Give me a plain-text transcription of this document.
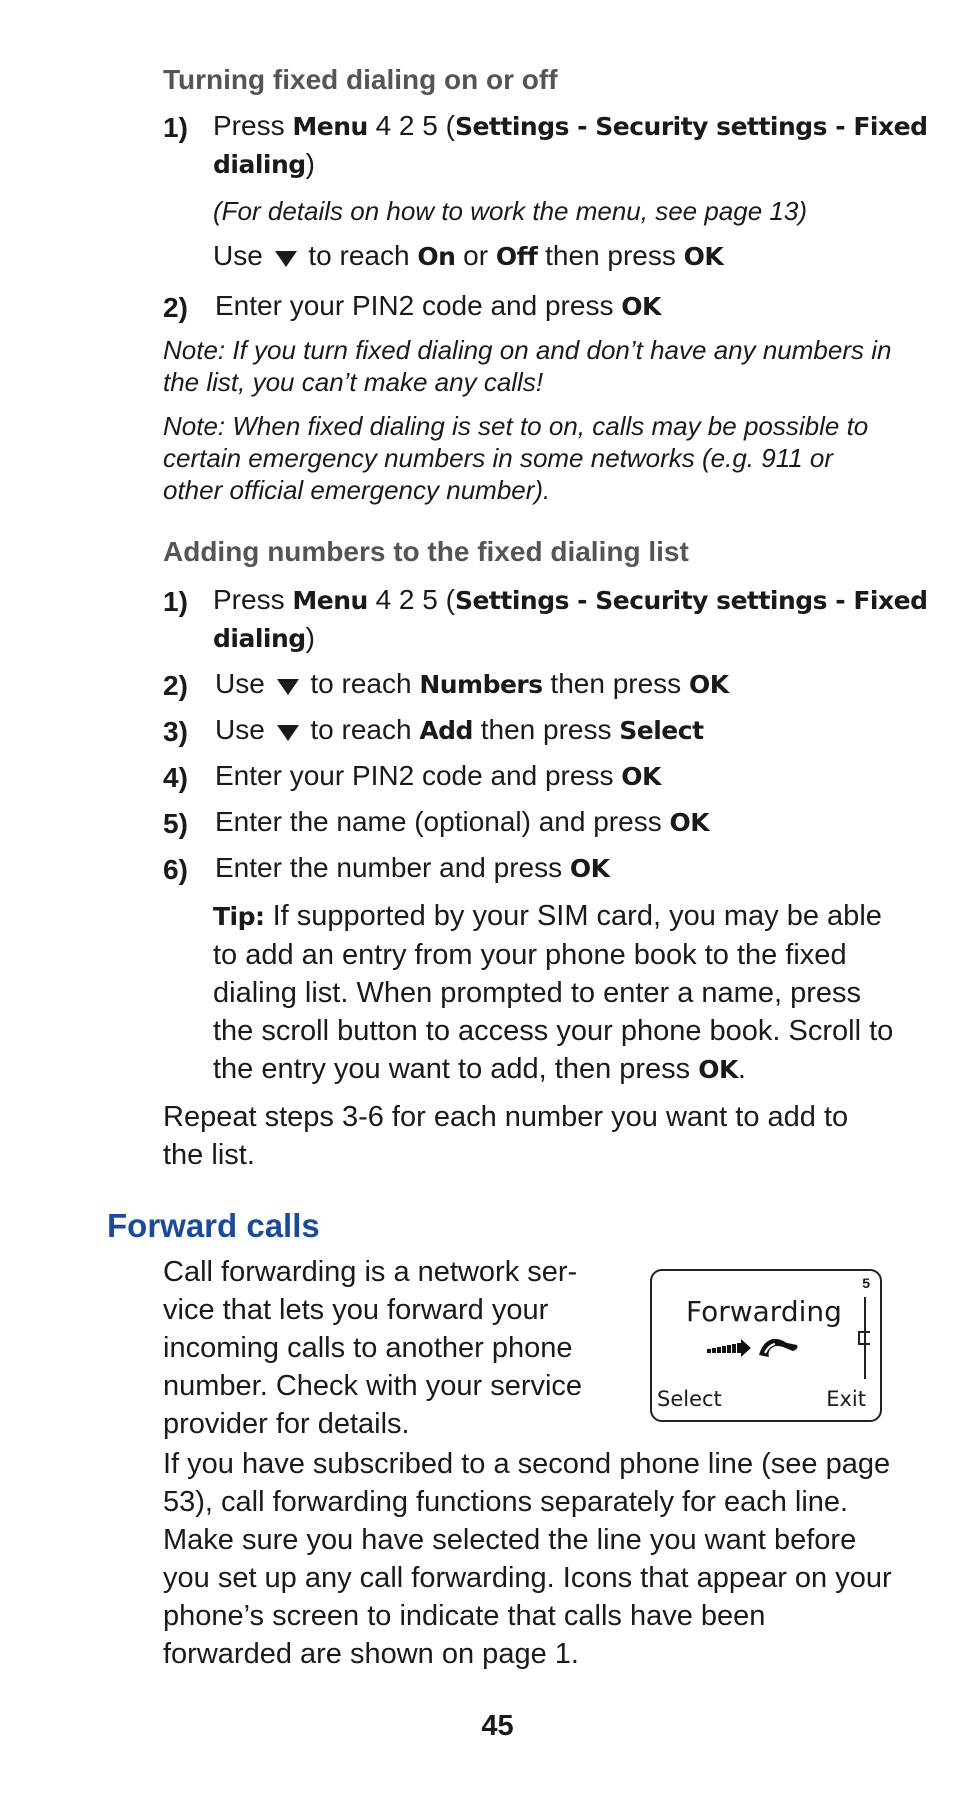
Turning fixed dialing on or off
1) Press Menu 4 2 5 (Settings - Security settings - Fixed
dialing)
(For details on how to work the menu, see page 13)
Use  to reach On or Off then press OK
2) Enter your PIN2 code and press OK
Note: If you turn fixed dialing on and don’t have any numbers in the list, you can’t make any calls!
Note: When fixed dialing is set to on, calls may be possible to certain emergency numbers in some networks (e.g. 911 or other official emergency number).
Adding numbers to the fixed dialing list
1) Press Menu 4 2 5 (Settings - Security settings - Fixed
dialing)
2) Use  to reach Numbers then press OK
3) Use  to reach Add then press Select
4) Enter your PIN2 code and press OK
5) Enter the name (optional) and press OK
6) Enter the number and press OK
Tip: If supported by your SIM card, you may be able to add an entry from your phone book to the fixed dialing list. When prompted to enter a name, press the scroll button to access your phone book. Scroll to the entry you want to add, then press OK.
Repeat steps 3-6 for each number you want to add to the list.
Forward calls
Call forwarding is a network ser-
vice that lets you forward your
incoming calls to another phone
number. Check with your service
provider for details.
5
Forwarding
Select	Exit
If you have subscribed to a second phone line (see page 53), call forwarding functions separately for each line. Make sure you have selected the line you want before you set up any call forwarding. Icons that appear on your phone’s screen to indicate that calls have been forwarded are shown on page 1.
45
